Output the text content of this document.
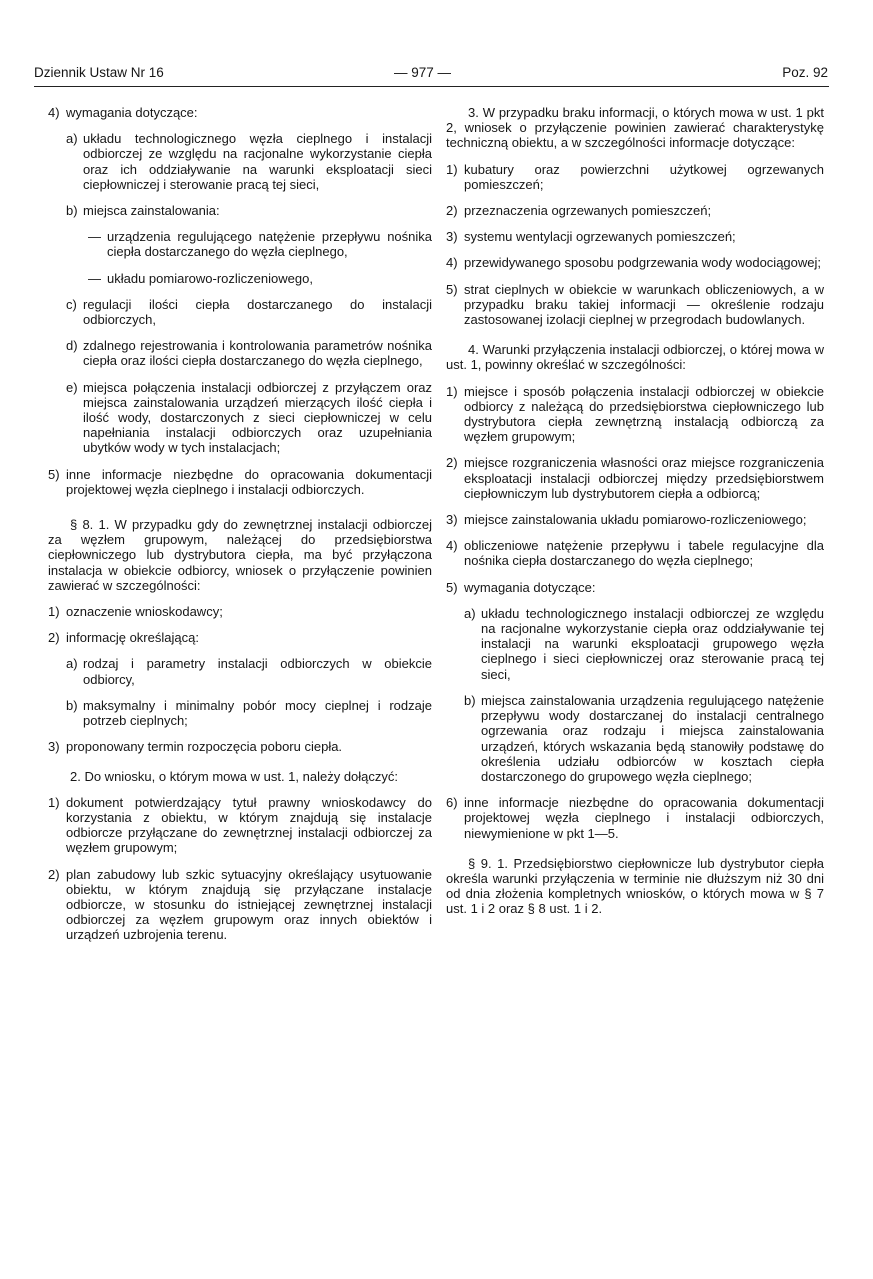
Dziennik Ustaw Nr 16	— 977 —	Poz. 92
4) wymagania dotyczące:
a) układu technologicznego węzła cieplnego i instalacji odbiorczej ze względu na racjonalne wykorzystanie ciepła oraz ich oddziaływanie na warunki eksploatacji sieci ciepłowniczej i sterowanie pracą tej sieci,
b) miejsca zainstalowania:
— urządzenia regulującego natężenie przepływu nośnika ciepła dostarczanego do węzła cieplnego,
— układu pomiarowo-rozliczeniowego,
c) regulacji ilości ciepła dostarczanego do instalacji odbiorczych,
d) zdalnego rejestrowania i kontrolowania parametrów nośnika ciepła oraz ilości ciepła dostarczanego do węzła cieplnego,
e) miejsca połączenia instalacji odbiorczej z przyłączem oraz miejsca zainstalowania urządzeń mierzących ilość ciepła i ilość wody, dostarczonych z sieci ciepłowniczej w celu napełniania instalacji odbiorczych oraz uzupełniania ubytków wody w tych instalacjach;
5) inne informacje niezbędne do opracowania dokumentacji projektowej węzła cieplnego i instalacji odbiorczych.

§ 8. 1. W przypadku gdy do zewnętrznej instalacji odbiorczej za węzłem grupowym, należącej do przedsiębiorstwa ciepłowniczego lub dystrybutora ciepła, ma być przyłączona instalacja w obiekcie odbiorcy, wniosek o przyłączenie powinien zawierać w szczególności:

1) oznaczenie wnioskodawcy;
2) informację określającą:
a) rodzaj i parametry instalacji odbiorczych w obiekcie odbiorcy,
b) maksymalny i minimalny pobór mocy cieplnej i rodzaje potrzeb cieplnych;
3) proponowany termin rozpoczęcia poboru ciepła.

2. Do wniosku, o którym mowa w ust. 1, należy dołączyć:

1) dokument potwierdzający tytuł prawny wnioskodawcy do korzystania z obiektu, w którym znajdują się instalacje odbiorcze przyłączane do zewnętrznej instalacji odbiorczej za węzłem grupowym;
2) plan zabudowy lub szkic sytuacyjny określający usytuowanie obiektu, w którym znajdują się przyłączane instalacje odbiorcze, w stosunku do istniejącej zewnętrznej instalacji odbiorczej za węzłem grupowym oraz innych obiektów i urządzeń uzbrojenia terenu.

3. W przypadku braku informacji, o których mowa w ust. 1 pkt 2, wniosek o przyłączenie powinien zawierać charakterystykę techniczną obiektu, a w szczególności informacje dotyczące:

1) kubatury oraz powierzchni użytkowej ogrzewanych pomieszczeń;
2) przeznaczenia ogrzewanych pomieszczeń;
3) systemu wentylacji ogrzewanych pomieszczeń;
4) przewidywanego sposobu podgrzewania wody wodociągowej;
5) strat cieplnych w obiekcie w warunkach obliczeniowych, a w przypadku braku takiej informacji — określenie rodzaju zastosowanej izolacji cieplnej w przegrodach budowlanych.

4. Warunki przyłączenia instalacji odbiorczej, o której mowa w ust. 1, powinny określać w szczególności:

1) miejsce i sposób połączenia instalacji odbiorczej w obiekcie odbiorcy z należącą do przedsiębiorstwa ciepłowniczego lub dystrybutora ciepła zewnętrzną instalacją odbiorczą za węzłem grupowym;
2) miejsce rozgraniczenia własności oraz miejsce rozgraniczenia eksploatacji instalacji odbiorczej między przedsiębiorstwem ciepłowniczym lub dystrybutorem ciepła a odbiorcą;
3) miejsce zainstalowania układu pomiarowo-rozliczeniowego;
4) obliczeniowe natężenie przepływu i tabele regulacyjne dla nośnika ciepła dostarczanego do węzła cieplnego;
5) wymagania dotyczące:
a) układu technologicznego instalacji odbiorczej ze względu na racjonalne wykorzystanie ciepła oraz oddziaływanie tej instalacji na warunki eksploatacji grupowego węzła cieplnego i sieci ciepłowniczej oraz sterowanie pracą tej sieci,
b) miejsca zainstalowania urządzenia regulującego natężenie przepływu wody dostarczanej do instalacji centralnego ogrzewania oraz rodzaju i miejsca zainstalowania urządzeń, których wskazania będą stanowiły podstawę do określenia udziału odbiorców w kosztach ciepła dostarczonego do grupowego węzła cieplnego;
6) inne informacje niezbędne do opracowania dokumentacji projektowej węzła cieplnego i instalacji odbiorczych, niewymienione w pkt 1—5.

§ 9. 1. Przedsiębiorstwo ciepłownicze lub dystrybutor ciepła określa warunki przyłączenia w terminie nie dłuższym niż 30 dni od dnia złożenia kompletnych wniosków, o których mowa w § 7 ust. 1 i 2 oraz § 8 ust. 1 i 2.
